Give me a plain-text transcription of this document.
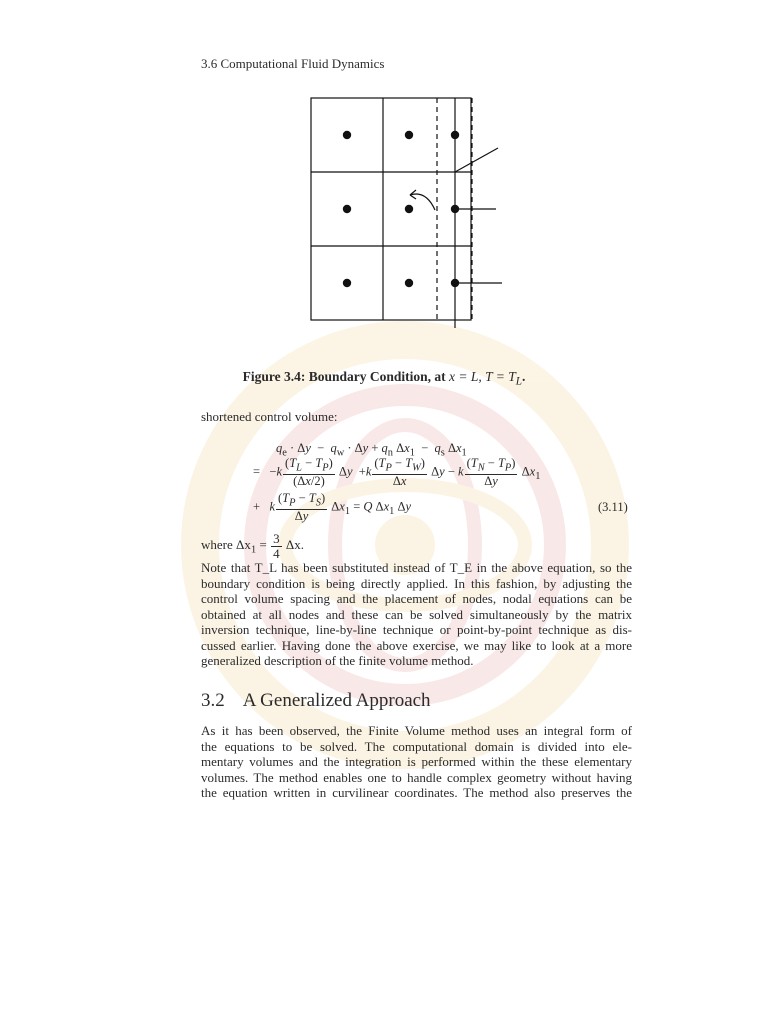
3.6 Computational Fluid Dynamics
Figure 3.4: Boundary Condition, at x = L, $T = T_L$.
shortened control volume:
$q_e \cdot \Delta y - q_w \cdot \Delta y + q_n$ $\Delta x_1 - q_s$ $\Delta x_1$
=   $-k \frac{(T_L - T_P)}{(\Delta x/2)}$ $\Delta y +k \frac{(T_P - T_W)}{\Delta x}$ Δy − k $\frac{(T_N - T_P)}{\Delta y} \Delta x_1$
+   k $\frac{(T_P - T_S)}{\Delta y} \Delta x_1 = Q$ $\Delta x_1$ Δy	(3.11)
where $\Delta x_1 = \frac{3}{4} \Delta x$.
Note that T_L has been substituted instead of T_E in the above equation, so the
boundary condition is being directly applied. In this fashion, by adjusting the
control volume spacing and the placement of nodes, nodal equations can be
obtained at all nodes and these can be solved simultaneously by the matrix
inversion technique, line-by-line technique or point-by-point technique as dis-
cussed earlier. Having done the above exercise, we may like to look at a more
generalized description of the finite volume method.
3.2 A Generalized Approach
As it has been observed, the Finite Volume method uses an integral form of
the equations to be solved. The computational domain is divided into ele-
mentary volumes and the integration is performed within the these elementary
volumes. The method enables one to handle complex geometry without having
the equation written in curvilinear coordinates. The method also preserves the
